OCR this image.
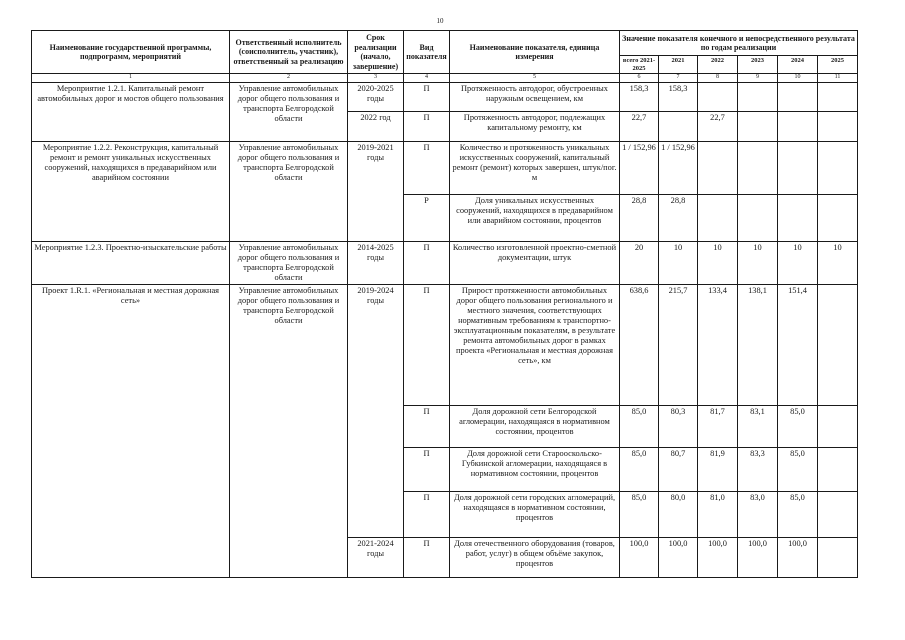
10
Наименование государственной программы, подпрограмм, мероприятий	Ответственный исполнитель (соисполнитель, участник), ответственный за реализацию	Срок реализации (начало, завершение)	Вид показателя	Наименование показателя, единица измерения	Значение показателя конечного и непосредственного результата по годам реализации					
					всего 2021-2025	2021	2022	2023	2024	2025
1	2	3	4	5	6	7	8	9	10	11
Мероприятие 1.2.1. Капитальный ремонт автомобильных дорог и мостов общего пользования	Управление автомобильных дорог общего пользования и транспорта Белгородской области	2020-2025 годы	П	Протяженность автодорог, обустроенных наружным освещением, км	158,3	158,3				
		2022 год	П	Протяженность автодорог, подлежащих капитальному ремонту, км	22,7		22,7			
Мероприятие 1.2.2. Реконструкция, капитальный ремонт и ремонт уникальных искусственных сооружений, находящихся в предаварийном или аварийном состоянии	Управление автомобильных дорог общего пользования и транспорта Белгородской области	2019-2021 годы	П	Количество и протяженность уникальных искусственных сооружений, капитальный ремонт (ремонт) которых завершен, штук/пог. м	1 / 152,96	1 / 152,96				
			Р	Доля уникальных искусственных сооружений, находящихся в предаварийном или аварийном состоянии, процентов	28,8	28,8				
Мероприятие 1.2.3. Проектно-изыскательские работы	Управление автомобильных дорог общего пользования и транспорта Белгородской области	2014-2025 годы	П	Количество изготовленной проектно-сметной документации, штук	20	10	10	10	10	10
Проект 1.R.1. «Региональная и местная дорожная сеть»	Управление автомобильных дорог общего пользования и транспорта Белгородской области	2019-2024 годы	П	Прирост протяженности автомобильных дорог общего пользования регионального и местного значения, соответствующих нормативным требованиям к транспортно-эксплуатационным показателям, в результате ремонта автомобильных дорог в рамках проекта «Региональная и местная дорожная сеть», км	638,6	215,7	133,4	138,1	151,4	
			П	Доля дорожной сети Белгородской агломерации, находящаяся в нормативном состоянии, процентов	85,0	80,3	81,7	83,1	85,0	
			П	Доля дорожной сети Старооскольско-Губкинской агломерации, находящаяся в нормативном состоянии, процентов	85,0	80,7	81,9	83,3	85,0	
			П	Доля дорожной сети городских агломераций, находящаяся в нормативном состоянии, процентов	85,0	80,0	81,0	83,0	85,0	
		2021-2024 годы	П	Доля отечественного оборудования (товаров, работ, услуг) в общем объёме закупок, процентов	100,0	100,0	100,0	100,0	100,0	
